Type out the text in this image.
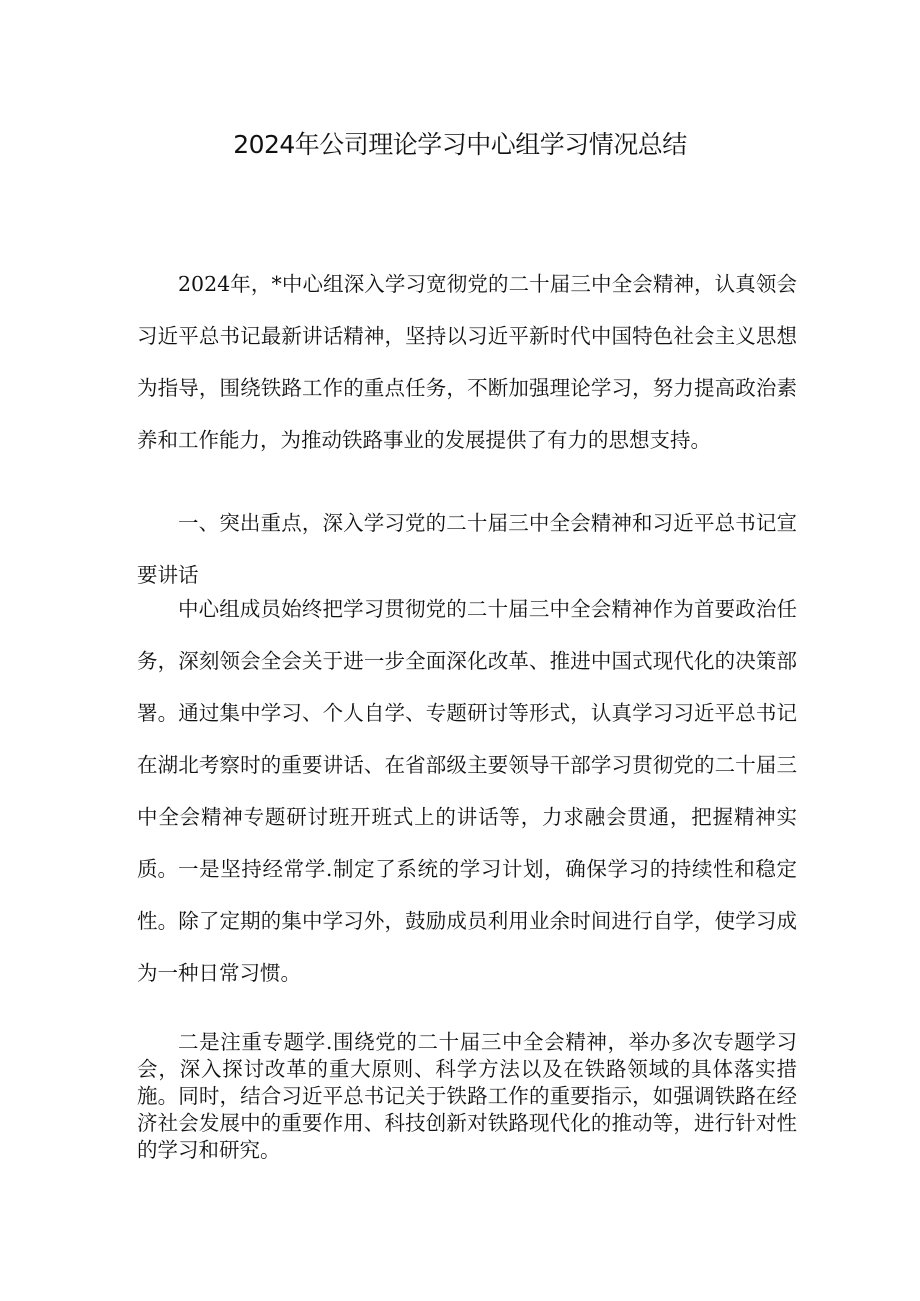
2024年公司理论学习中心组学习情况总结

2024年，*中心组深入学习宽彻党的二十届三中全会精神，认真领会习近平总书记最新讲话精神，坚持以习近平新时代中国特色社会主义思想为指导，围绕铁路工作的重点任务，不断加强理论学习，努力提高政治素养和工作能力，为推动铁路事业的发展提供了有力的思想支持。

一、突出重点，深入学习党的二十届三中全会精神和习近平总书记宣要讲话

中心组成员始终把学习贯彻党的二十届三中全会精神作为首要政治任务，深刻领会全会关于进一步全面深化改革、推进中国式现代化的决策部署。通过集中学习、个人自学、专题研讨等形式，认真学习习近平总书记在湖北考察时的重要讲话、在省部级主要领导干部学习贯彻党的二十届三中全会精神专题研讨班开班式上的讲话等，力求融会贯通，把握精神实质。 一是坚持经常学.制定了系统的学习计划，确保学习的持续性和稳定性。除了定期的集中学习外，鼓励成员利用业余时间进行自学，使学习成为一种日常习惯。

二是注重专题学.围绕党的二十届三中全会精神，举办多次专题学习会，深入探讨改革的重大原则、科学方法以及在铁路领域的具体落实措施。同时，结合习近平总书记关于铁路工作的重要指示，如强调铁路在经济社会发展中的重要作用、科技创新对铁路现代化的推动等，进行针对性的学习和研究。
